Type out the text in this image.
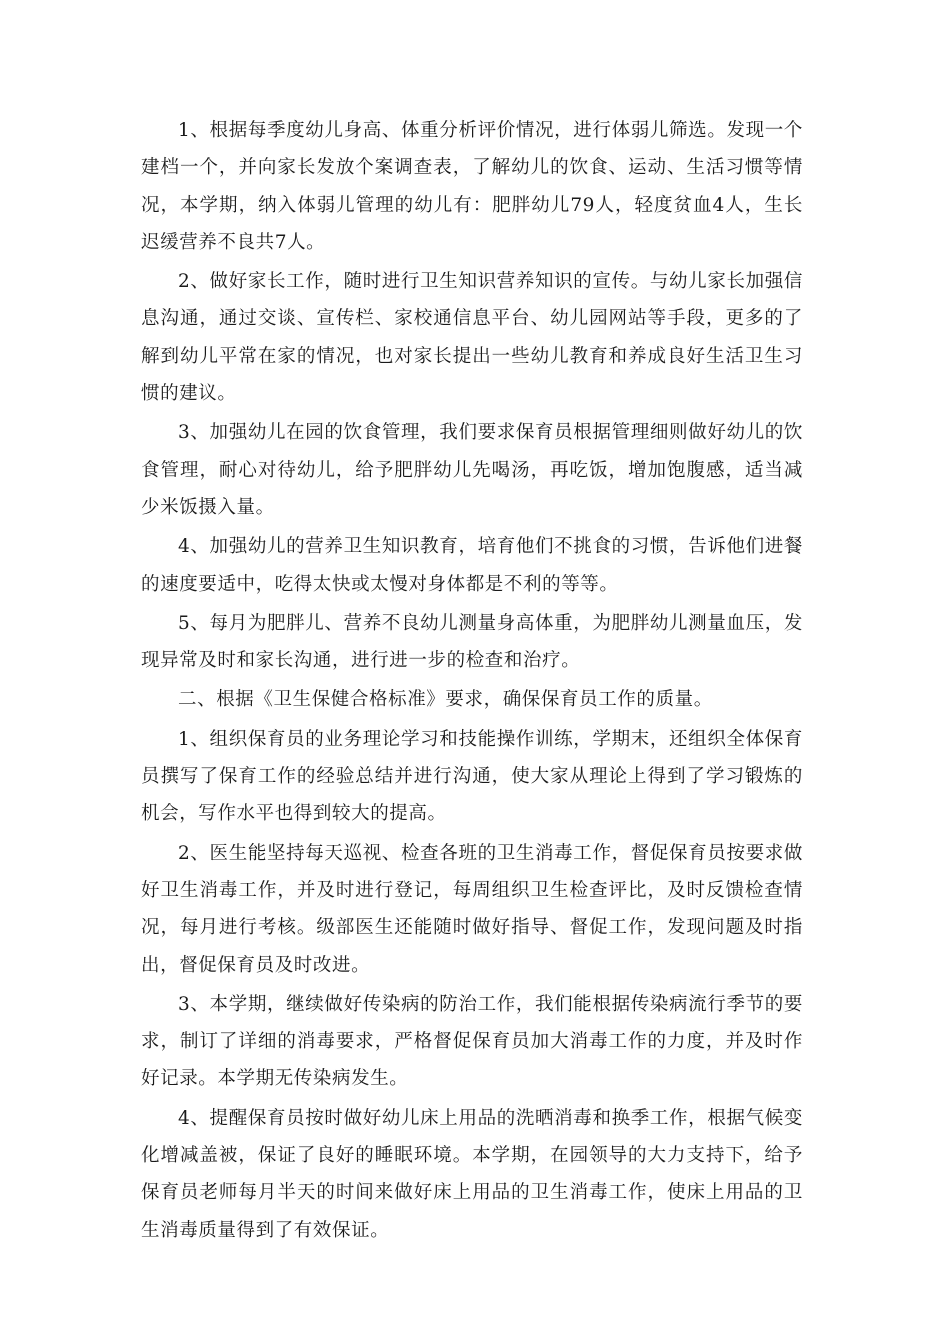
1、根据每季度幼儿身高、体重分析评价情况，进行体弱儿筛选。发现一个建档一个，并向家长发放个案调查表，了解幼儿的饮食、运动、生活习惯等情况，本学期，纳入体弱儿管理的幼儿有：肥胖幼儿79人，轻度贫血4人，生长迟缓营养不良共7人。

2、做好家长工作，随时进行卫生知识营养知识的宣传。与幼儿家长加强信息沟通，通过交谈、宣传栏、家校通信息平台、幼儿园网站等手段，更多的了解到幼儿平常在家的情况，也对家长提出一些幼儿教育和养成良好生活卫生习惯的建议。

3、加强幼儿在园的饮食管理，我们要求保育员根据管理细则做好幼儿的饮食管理，耐心对待幼儿，给予肥胖幼儿先喝汤，再吃饭，增加饱腹感，适当减少米饭摄入量。

4、加强幼儿的营养卫生知识教育，培育他们不挑食的习惯，告诉他们进餐的速度要适中，吃得太快或太慢对身体都是不利的等等。

5、每月为肥胖儿、营养不良幼儿测量身高体重，为肥胖幼儿测量血压，发现异常及时和家长沟通，进行进一步的检查和治疗。

二、根据《卫生保健合格标准》要求，确保保育员工作的质量。

1、组织保育员的业务理论学习和技能操作训练，学期末，还组织全体保育员撰写了保育工作的经验总结并进行沟通，使大家从理论上得到了学习锻炼的机会，写作水平也得到较大的提高。

2、医生能坚持每天巡视、检查各班的卫生消毒工作，督促保育员按要求做好卫生消毒工作，并及时进行登记，每周组织卫生检查评比，及时反馈检查情况，每月进行考核。级部医生还能随时做好指导、督促工作，发现问题及时指出，督促保育员及时改进。

3、本学期，继续做好传染病的防治工作，我们能根据传染病流行季节的要求，制订了详细的消毒要求，严格督促保育员加大消毒工作的力度，并及时作好记录。本学期无传染病发生。

4、提醒保育员按时做好幼儿床上用品的洗晒消毒和换季工作，根据气候变化增减盖被，保证了良好的睡眠环境。本学期，在园领导的大力支持下，给予保育员老师每月半天的时间来做好床上用品的卫生消毒工作，使床上用品的卫生消毒质量得到了有效保证。
